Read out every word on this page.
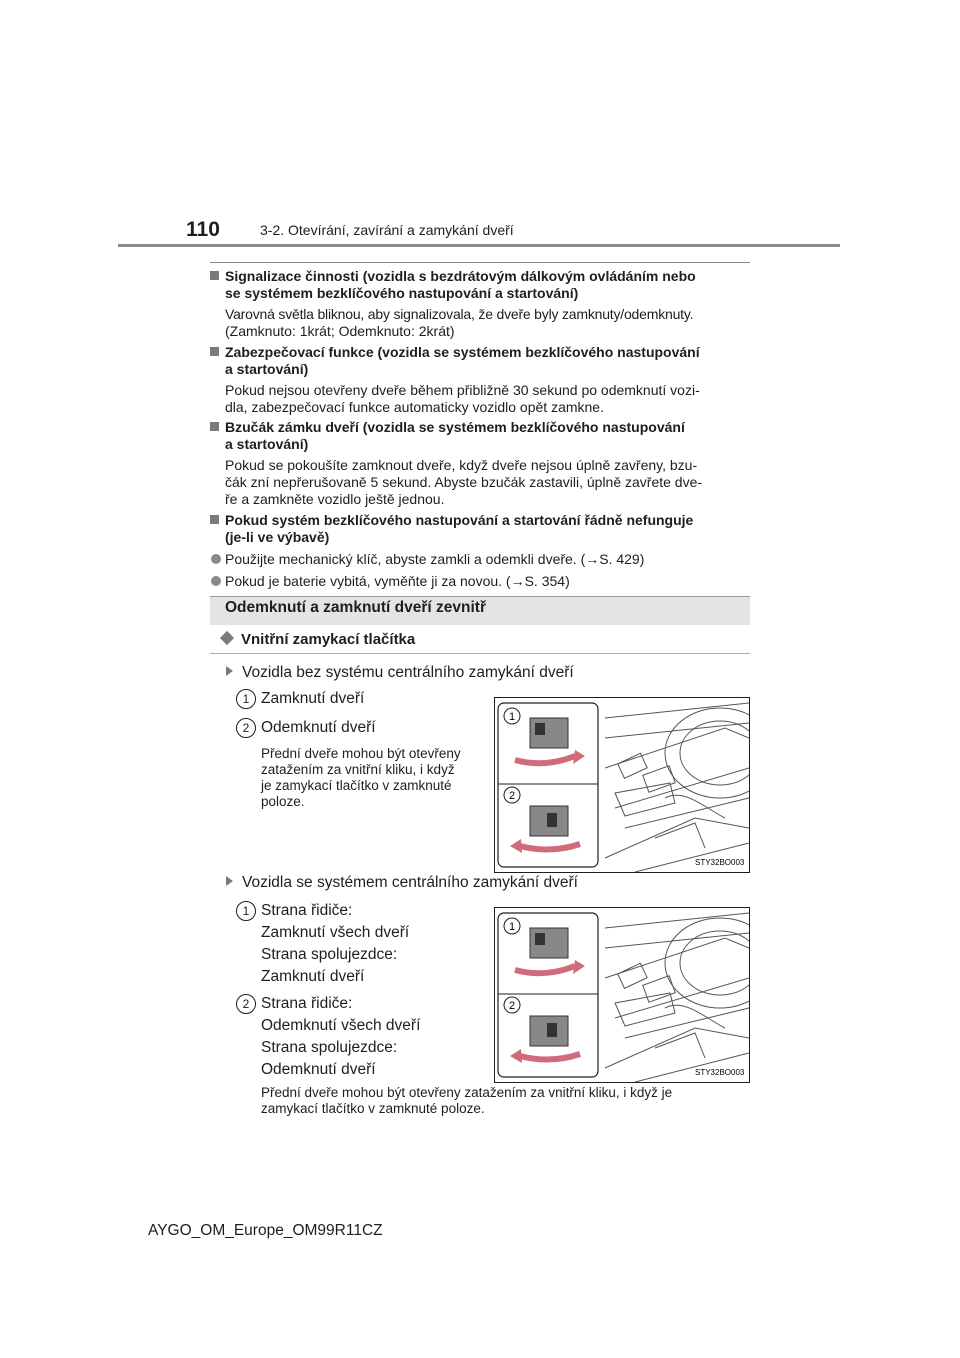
110	3-2. Otevírání, zavírání a zamykání dveří
Signalizace činnosti (vozidla s bezdrátovým dálkovým ovládáním nebo
se systémem bezklíčového nastupování a startování)
Varovná světla bliknou, aby signalizovala, že dveře byly zamknuty/odemknuty.
(Zamknuto: 1krát; Odemknuto: 2krát)
Zabezpečovací funkce (vozidla se systémem bezklíčového nastupování
a startování)
Pokud nejsou otevřeny dveře během přibližně 30 sekund po odemknutí vozi-
dla, zabezpečovací funkce automaticky vozidlo opět zamkne.
Bzučák zámku dveří (vozidla se systémem bezklíčového nastupování
a startování)
Pokud se pokoušíte zamknout dveře, když dveře nejsou úplně zavřeny, bzu-
čák zní nepřerušovaně 5 sekund. Abyste bzučák zastavili, úplně zavřete dve-
ře a zamkněte vozidlo ještě jednou.
Pokud systém bezklíčového nastupování a startování řádně nefunguje
(je-li ve výbavě)
Použijte mechanický klíč, abyste zamkli a odemkli dveře. (→S. 429)
Pokud je baterie vybitá, vyměňte ji za novou. (→S. 354)
Odemknutí a zamknutí dveří zevnitř
Vnitřní zamykací tlačítka
Vozidla bez systému centrálního zamykání dveří
1 Zamknutí dveří
2 Odemknutí dveří
Přední dveře mohou být otevřeny
zatažením za vnitřní kliku, i když
je zamykací tlačítko v zamknuté
poloze.
1
2
STY32BO003
Vozidla se systémem centrálního zamykání dveří
1 Strana řidiče:
Zamknutí všech dveří
Strana spolujezdce:
Zamknutí dveří
2 Strana řidiče:
Odemknutí všech dveří
Strana spolujezdce:
Odemknutí dveří
1
2
STY32BO003
Přední dveře mohou být otevřeny zatažením za vnitřní kliku, i když je
zamykací tlačítko v zamknuté poloze.
AYGO_OM_Europe_OM99R11CZ
